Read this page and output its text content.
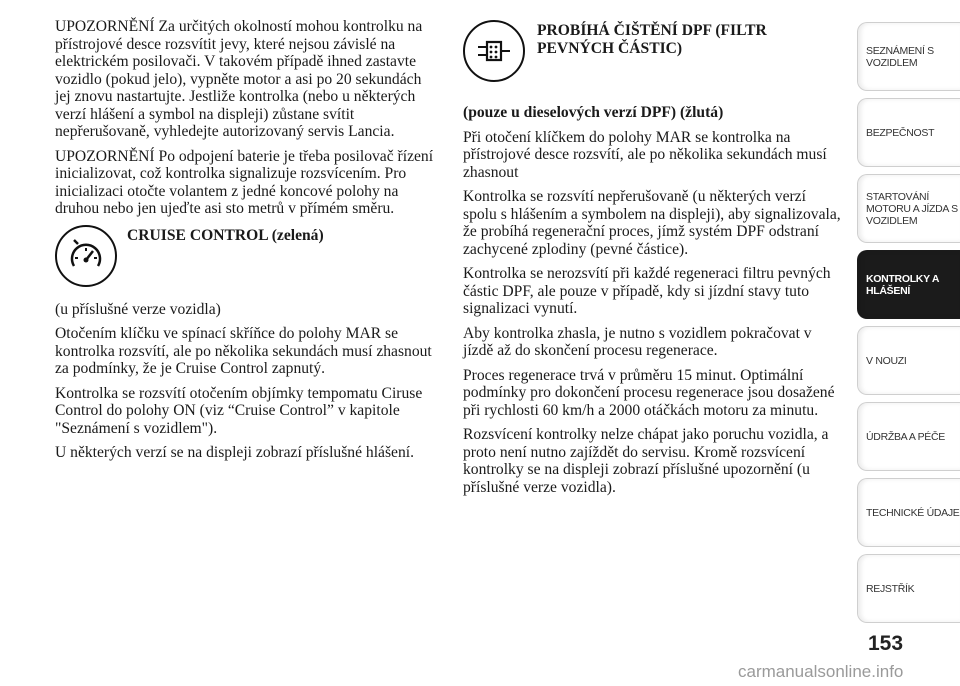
UPOZORNĚNÍ Za určitých okolností mohou kontrolku na přístrojové desce rozsvítit jevy, které nejsou závislé na elektrickém posilovači. V takovém případě ihned zastavte vozidlo (pokud jelo), vypněte motor a asi po 20 sekundách jej znovu nastartujte. Jestliže kontrolka (nebo u některých verzí hlášení a symbol na displeji) zůstane svítit nepřerušovaně, vyhledejte autorizovaný servis Lancia.

UPOZORNĚNÍ Po odpojení baterie je třeba posilovač řízení inicializovat, což kontrolka signalizuje rozsvícením. Pro inicializaci otočte volantem z jedné koncové polohy na druhou nebo jen ujeďte asi sto metrů v přímém směru.

CRUISE CONTROL (zelená)

(u příslušné verze vozidla)

Otočením klíčku ve spínací skříňce do polohy MAR se kontrolka rozsvítí, ale po několika sekundách musí zhasnout za podmínky, že je Cruise Control zapnutý.

Kontrolka se rozsvítí otočením objímky tempomatu Ciruse Control do polohy ON (viz “Cruise Control” v kapitole "Seznámení s vozidlem").

U některých verzí se na displeji zobrazí příslušné hlášení.

PROBÍHÁ ČIŠTĚNÍ DPF (FILTR PEVNÝCH ČÁSTIC)

(pouze u dieselových verzí DPF) (žlutá)

Při otočení klíčkem do polohy MAR se kontrolka na přístrojové desce rozsvítí, ale po několika sekundách musí zhasnout

Kontrolka se rozsvítí nepřerušovaně (u některých verzí spolu s hlášením a symbolem na displeji), aby signalizovala, že probíhá regenerační proces, jímž systém DPF odstraní zachycené zplodiny (pevné částice).

Kontrolka se nerozsvítí při každé regeneraci filtru pevných částic DPF, ale pouze v případě, kdy si jízdní stavy tuto signalizaci vynutí.

Aby kontrolka zhasla, je nutno s vozidlem pokračovat v jízdě až do skončení procesu regenerace.

Proces regenerace trvá v průměru 15 minut. Optimální podmínky pro dokončení procesu regenerace jsou dosažené při rychlosti 60 km/h a 2000 otáčkách motoru za minutu.

Rozsvícení kontrolky nelze chápat jako poruchu vozidla, a proto není nutno zajíždět do servisu. Kromě rozsvícení kontrolky se na displeji zobrazí příslušné upozornění (u příslušné verze vozidla).

SEZNÁMENÍ S VOZIDLEM
BEZPEČNOST
STARTOVÁNÍ MOTORU A JÍZDA S VOZIDLEM
KONTROLKY A HLÁŠENÍ
V NOUZI
ÚDRŽBA A PÉČE
TECHNICKÉ ÚDAJE
REJSTŘÍK
153
carmanualsonline.info
